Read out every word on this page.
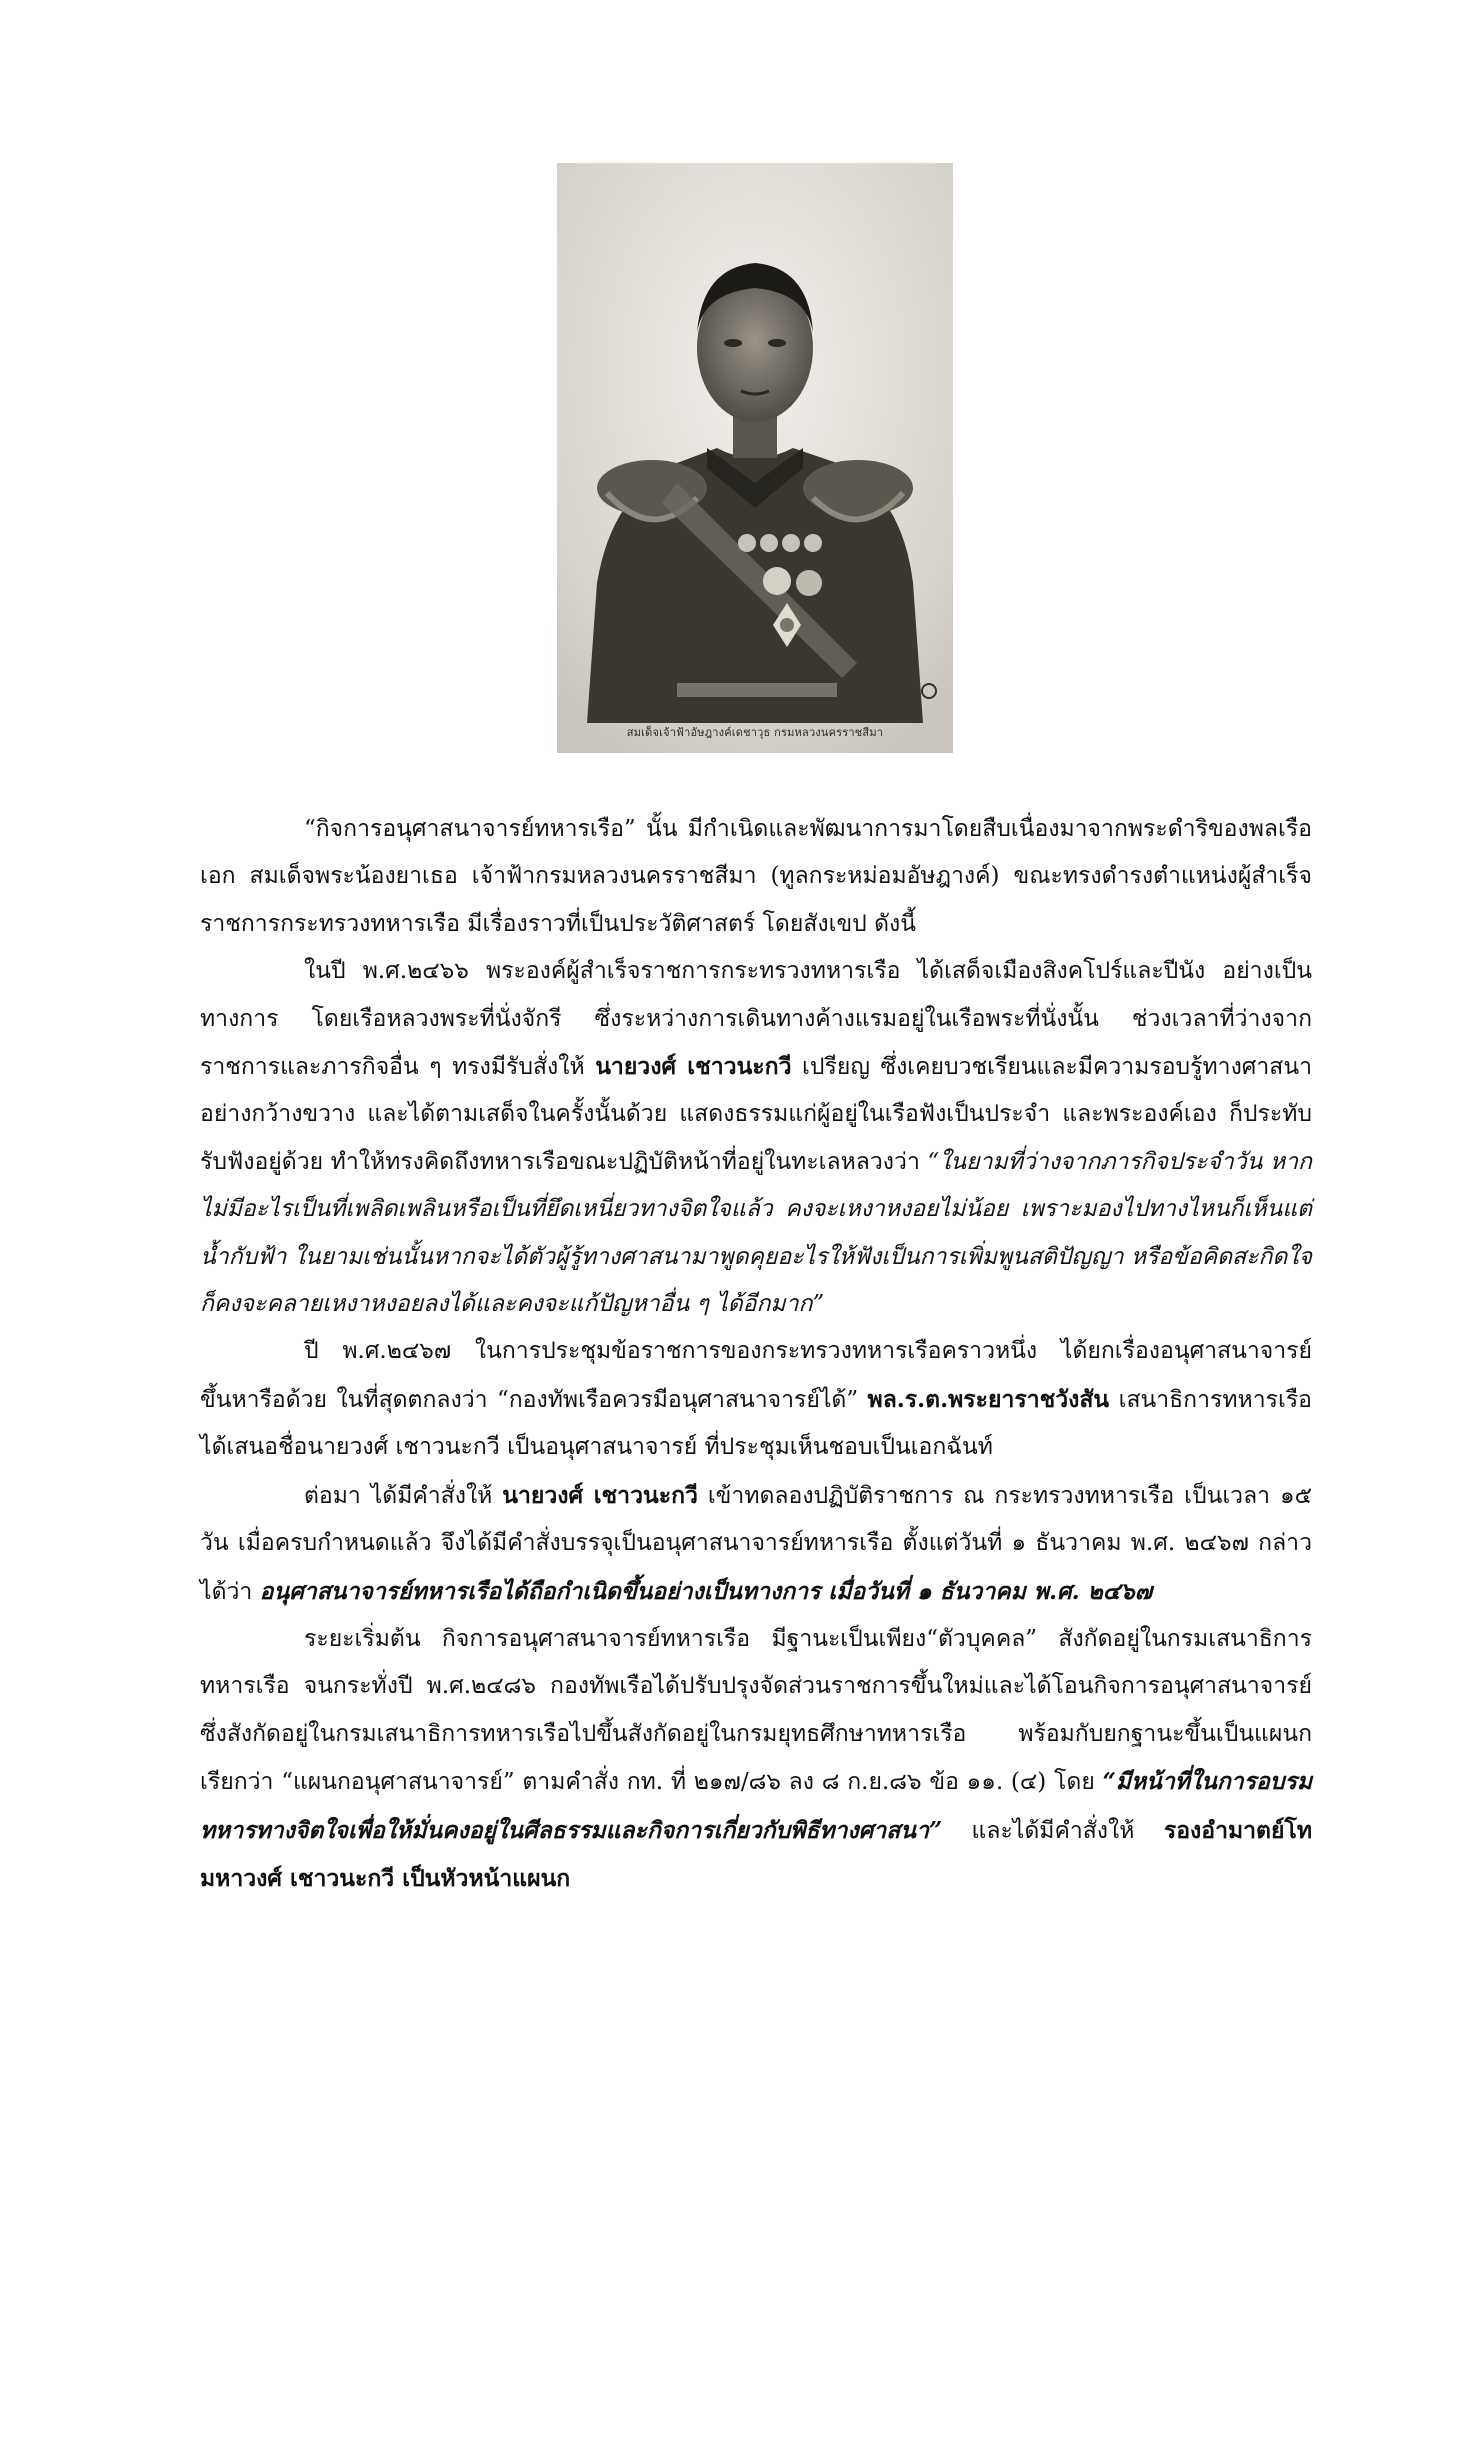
สมเด็จเจ้าฟ้าอัษฎางค์เดชาวุธ กรมหลวงนครราชสีมา

“กิจการอนุศาสนาจารย์ทหารเรือ” นั้น มีกำเนิดและพัฒนาการมาโดยสืบเนื่องมาจากพระดำริของพลเรือเอก สมเด็จพระน้องยาเธอ เจ้าฟ้ากรมหลวงนครราชสีมา (ทูลกระหม่อมอัษฎางค์) ขณะทรงดำรงตำแหน่งผู้สำเร็จราชการกระทรวงทหารเรือ มีเรื่องราวที่เป็นประวัติศาสตร์ โดยสังเขป ดังนี้

ในปี พ.ศ.๒๔๖๖ พระองค์ผู้สำเร็จราชการกระทรวงทหารเรือ ได้เสด็จเมืองสิงคโปร์และปีนัง อย่างเป็นทางการ โดยเรือหลวงพระที่นั่งจักรี ซึ่งระหว่างการเดินทางค้างแรมอยู่ในเรือพระที่นั่งนั้น ช่วงเวลาที่ว่างจากราชการและภารกิจอื่น ๆ ทรงมีรับสั่งให้ นายวงศ์ เชาวนะกวี เปรียญ ซึ่งเคยบวชเรียนและมีความรอบรู้ทางศาสนาอย่างกว้างขวาง และได้ตามเสด็จในครั้งนั้นด้วย แสดงธรรมแก่ผู้อยู่ในเรือฟังเป็นประจำ และพระองค์เอง ก็ประทับรับฟังอยู่ด้วย ทำให้ทรงคิดถึงทหารเรือขณะปฏิบัติหน้าที่อยู่ในทะเลหลวงว่า “ในยามที่ว่างจากภารกิจประจำวัน หากไม่มีอะไรเป็นที่เพลิดเพลินหรือเป็นที่ยึดเหนี่ยวทางจิตใจแล้ว คงจะเหงาหงอยไม่น้อย เพราะมองไปทางไหนก็เห็นแต่น้ำกับฟ้า ในยามเช่นนั้นหากจะได้ตัวผู้รู้ทางศาสนามาพูดคุยอะไรให้ฟังเป็นการเพิ่มพูนสติปัญญา หรือข้อคิดสะกิดใจ ก็คงจะคลายเหงาหงอยลงได้และคงจะแก้ปัญหาอื่น ๆ ได้อีกมาก”

ปี พ.ศ.๒๔๖๗ ในการประชุมข้อราชการของกระทรวงทหารเรือคราวหนึ่ง ได้ยกเรื่องอนุศาสนาจารย์ขึ้นหารือด้วย ในที่สุดตกลงว่า “กองทัพเรือควรมีอนุศาสนาจารย์ได้” พล.ร.ต.พระยาราชวังสัน เสนาธิการทหารเรือ ได้เสนอชื่อนายวงศ์ เชาวนะกวี เป็นอนุศาสนาจารย์ ที่ประชุมเห็นชอบเป็นเอกฉันท์

ต่อมา ได้มีคำสั่งให้ นายวงศ์ เชาวนะกวี เข้าทดลองปฏิบัติราชการ ณ กระทรวงทหารเรือ เป็นเวลา ๑๕ วัน เมื่อครบกำหนดแล้ว จึงได้มีคำสั่งบรรจุเป็นอนุศาสนาจารย์ทหารเรือ ตั้งแต่วันที่ ๑ ธันวาคม พ.ศ. ๒๔๖๗ กล่าวได้ว่า อนุศาสนาจารย์ทหารเรือได้ถือกำเนิดขึ้นอย่างเป็นทางการ เมื่อวันที่ ๑ ธันวาคม พ.ศ. ๒๔๖๗

ระยะเริ่มต้น กิจการอนุศาสนาจารย์ทหารเรือ มีฐานะเป็นเพียง“ตัวบุคคล” สังกัดอยู่ในกรมเสนาธิการทหารเรือ จนกระทั่งปี พ.ศ.๒๔๘๖ กองทัพเรือได้ปรับปรุงจัดส่วนราชการขึ้นใหม่และได้โอนกิจการอนุศาสนาจารย์ ซึ่งสังกัดอยู่ในกรมเสนาธิการทหารเรือไปขึ้นสังกัดอยู่ในกรมยุทธศึกษาทหารเรือ พร้อมกับยกฐานะขึ้นเป็นแผนก เรียกว่า “แผนกอนุศาสนาจารย์” ตามคำสั่ง กท. ที่ ๒๑๗/๘๖ ลง ๘ ก.ย.๘๖ ข้อ ๑๑. (๔) โดย “มีหน้าที่ในการอบรมทหารทางจิตใจเพื่อให้มั่นคงอยู่ในศีลธรรมและกิจการเกี่ยวกับพิธีทางศาสนา” และได้มีคำสั่งให้ รองอำมาตย์โท มหาวงศ์ เชาวนะกวี เป็นหัวหน้าแผนก
